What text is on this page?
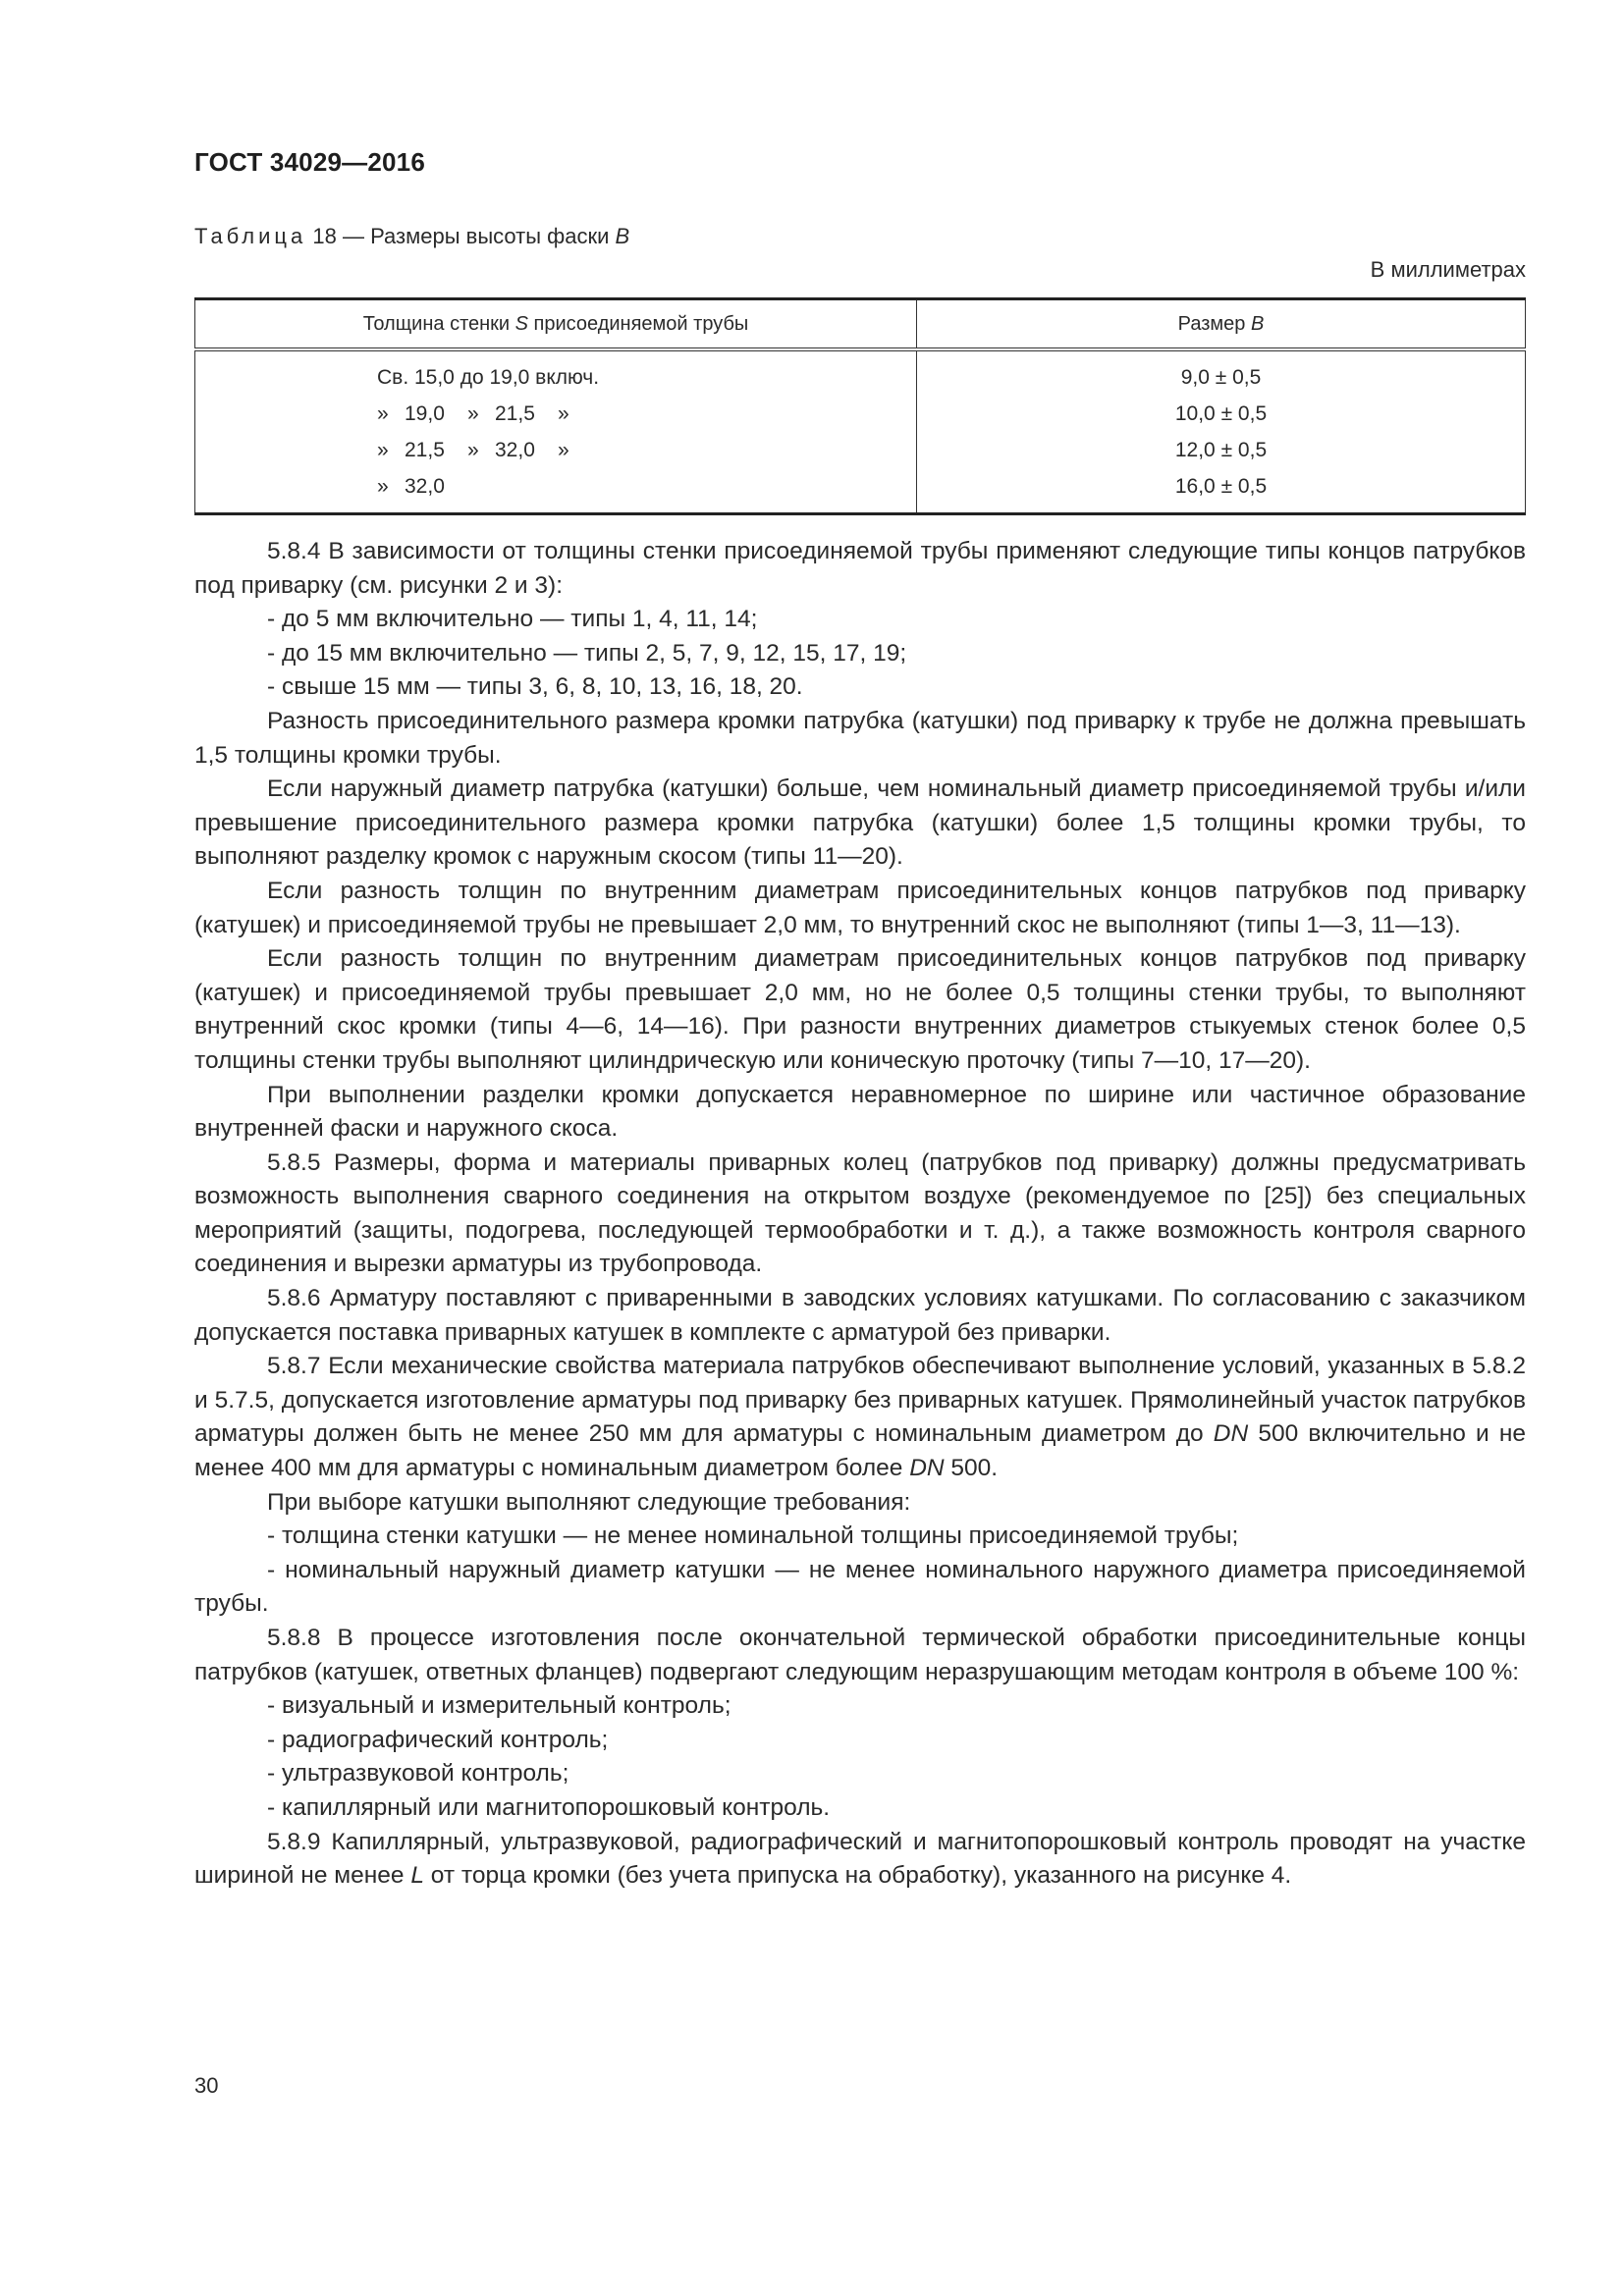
ГОСТ 34029—2016
Таблица 18 — Размеры высоты фаски B
В миллиметрах
Толщина стенки S присоединяемой трубы	Размер B
Св. 15,0 до 19,0 включ.	9,0 ± 0,5
» 19,0 » 21,5 »	10,0 ± 0,5
» 21,5 » 32,0 »	12,0 ± 0,5
» 32,0	16,0 ± 0,5

5.8.4 В зависимости от толщины стенки присоединяемой трубы применяют следующие типы концов патрубков под приварку (см. рисунки 2 и 3):

- до 5 мм включительно — типы 1, 4, 11, 14;

- до 15 мм включительно — типы 2, 5, 7, 9, 12, 15, 17, 19;

- свыше 15 мм — типы 3, 6, 8, 10, 13, 16, 18, 20.

Разность присоединительного размера кромки патрубка (катушки) под приварку к трубе не должна превышать 1,5 толщины кромки трубы.

Если наружный диаметр патрубка (катушки) больше, чем номинальный диаметр присоединяемой трубы и/или превышение присоединительного размера кромки патрубка (катушки) более 1,5 толщины кромки трубы, то выполняют разделку кромок с наружным скосом (типы 11—20).

Если разность толщин по внутренним диаметрам присоединительных концов патрубков под приварку (катушек) и присоединяемой трубы не превышает 2,0 мм, то внутренний скос не выполняют (типы 1—3, 11—13).

Если разность толщин по внутренним диаметрам присоединительных концов патрубков под приварку (катушек) и присоединяемой трубы превышает 2,0 мм, но не более 0,5 толщины стенки трубы, то выполняют внутренний скос кромки (типы 4—6, 14—16). При разности внутренних диаметров стыкуемых стенок более 0,5 толщины стенки трубы выполняют цилиндрическую или коническую проточку (типы 7—10, 17—20).

При выполнении разделки кромки допускается неравномерное по ширине или частичное образование внутренней фаски и наружного скоса.

5.8.5 Размеры, форма и материалы приварных колец (патрубков под приварку) должны предусматривать возможность выполнения сварного соединения на открытом воздухе (рекомендуемое по [25]) без специальных мероприятий (защиты, подогрева, последующей термообработки и т. д.), а также возможность контроля сварного соединения и вырезки арматуры из трубопровода.

5.8.6 Арматуру поставляют с приваренными в заводских условиях катушками. По согласованию с заказчиком допускается поставка приварных катушек в комплекте с арматурой без приварки.

5.8.7 Если механические свойства материала патрубков обеспечивают выполнение условий, указанных в 5.8.2 и 5.7.5, допускается изготовление арматуры под приварку без приварных катушек. Прямолинейный участок патрубков арматуры должен быть не менее 250 мм для арматуры с номинальным диаметром до DN 500 включительно и не менее 400 мм для арматуры с номинальным диаметром более DN 500.

При выборе катушки выполняют следующие требования:

- толщина стенки катушки — не менее номинальной толщины присоединяемой трубы;

- номинальный наружный диаметр катушки — не менее номинального наружного диаметра присоединяемой трубы.

5.8.8 В процессе изготовления после окончательной термической обработки присоединительные концы патрубков (катушек, ответных фланцев) подвергают следующим неразрушающим методам контроля в объеме 100 %:

- визуальный и измерительный контроль;

- радиографический контроль;

- ультразвуковой контроль;

- капиллярный или магнитопорошковый контроль.

5.8.9 Капиллярный, ультразвуковой, радиографический и магнитопорошковый контроль проводят на участке шириной не менее L от торца кромки (без учета припуска на обработку), указанного на рисунке 4.

30
